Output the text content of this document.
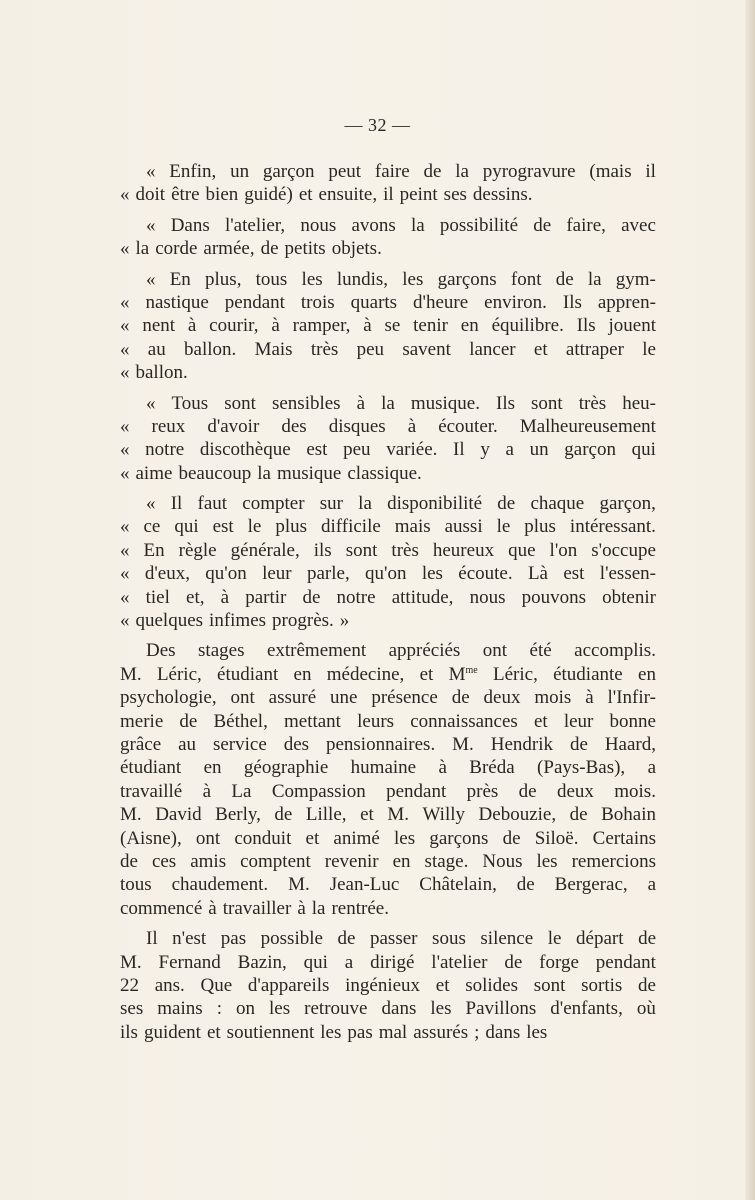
— 32 —
« Enfin, un garçon peut faire de la pyrogravure (mais il
« doit être bien guidé) et ensuite, il peint ses dessins.
« Dans l'atelier, nous avons la possibilité de faire, avec
« la corde armée, de petits objets.
« En plus, tous les lundis, les garçons font de la gym-
« nastique pendant trois quarts d'heure environ. Ils appren-
« nent à courir, à ramper, à se tenir en équilibre. Ils jouent
« au ballon. Mais très peu savent lancer et attraper le
« ballon.
« Tous sont sensibles à la musique. Ils sont très heu-
« reux d'avoir des disques à écouter. Malheureusement
« notre discothèque est peu variée. Il y a un garçon qui
« aime beaucoup la musique classique.
« Il faut compter sur la disponibilité de chaque garçon,
« ce qui est le plus difficile mais aussi le plus intéressant.
« En règle générale, ils sont très heureux que l'on s'occupe
« d'eux, qu'on leur parle, qu'on les écoute. Là est l'essen-
« tiel et, à partir de notre attitude, nous pouvons obtenir
« quelques infimes progrès. »
Des stages extrêmement appréciés ont été accomplis.
M. Léric, étudiant en médecine, et $M^{me}$ Léric, étudiante en
psychologie, ont assuré une présence de deux mois à l'Infir-
merie de Béthel, mettant leurs connaissances et leur bonne
grâce au service des pensionnaires. M. Hendrik de Haard,
étudiant en géographie humaine à Bréda (Pays-Bas), a
travaillé à La Compassion pendant près de deux mois.
M. David Berly, de Lille, et M. Willy Debouzie, de Bohain
(Aisne), ont conduit et animé les garçons de Siloë. Certains
de ces amis comptent revenir en stage. Nous les remercions
tous chaudement. M. Jean-Luc Châtelain, de Bergerac, a
commencé à travailler à la rentrée.
Il n'est pas possible de passer sous silence le départ de
M. Fernand Bazin, qui a dirigé l'atelier de forge pendant
22 ans. Que d'appareils ingénieux et solides sont sortis de
ses mains : on les retrouve dans les Pavillons d'enfants, où
ils guident et soutiennent les pas mal assurés ; dans les
